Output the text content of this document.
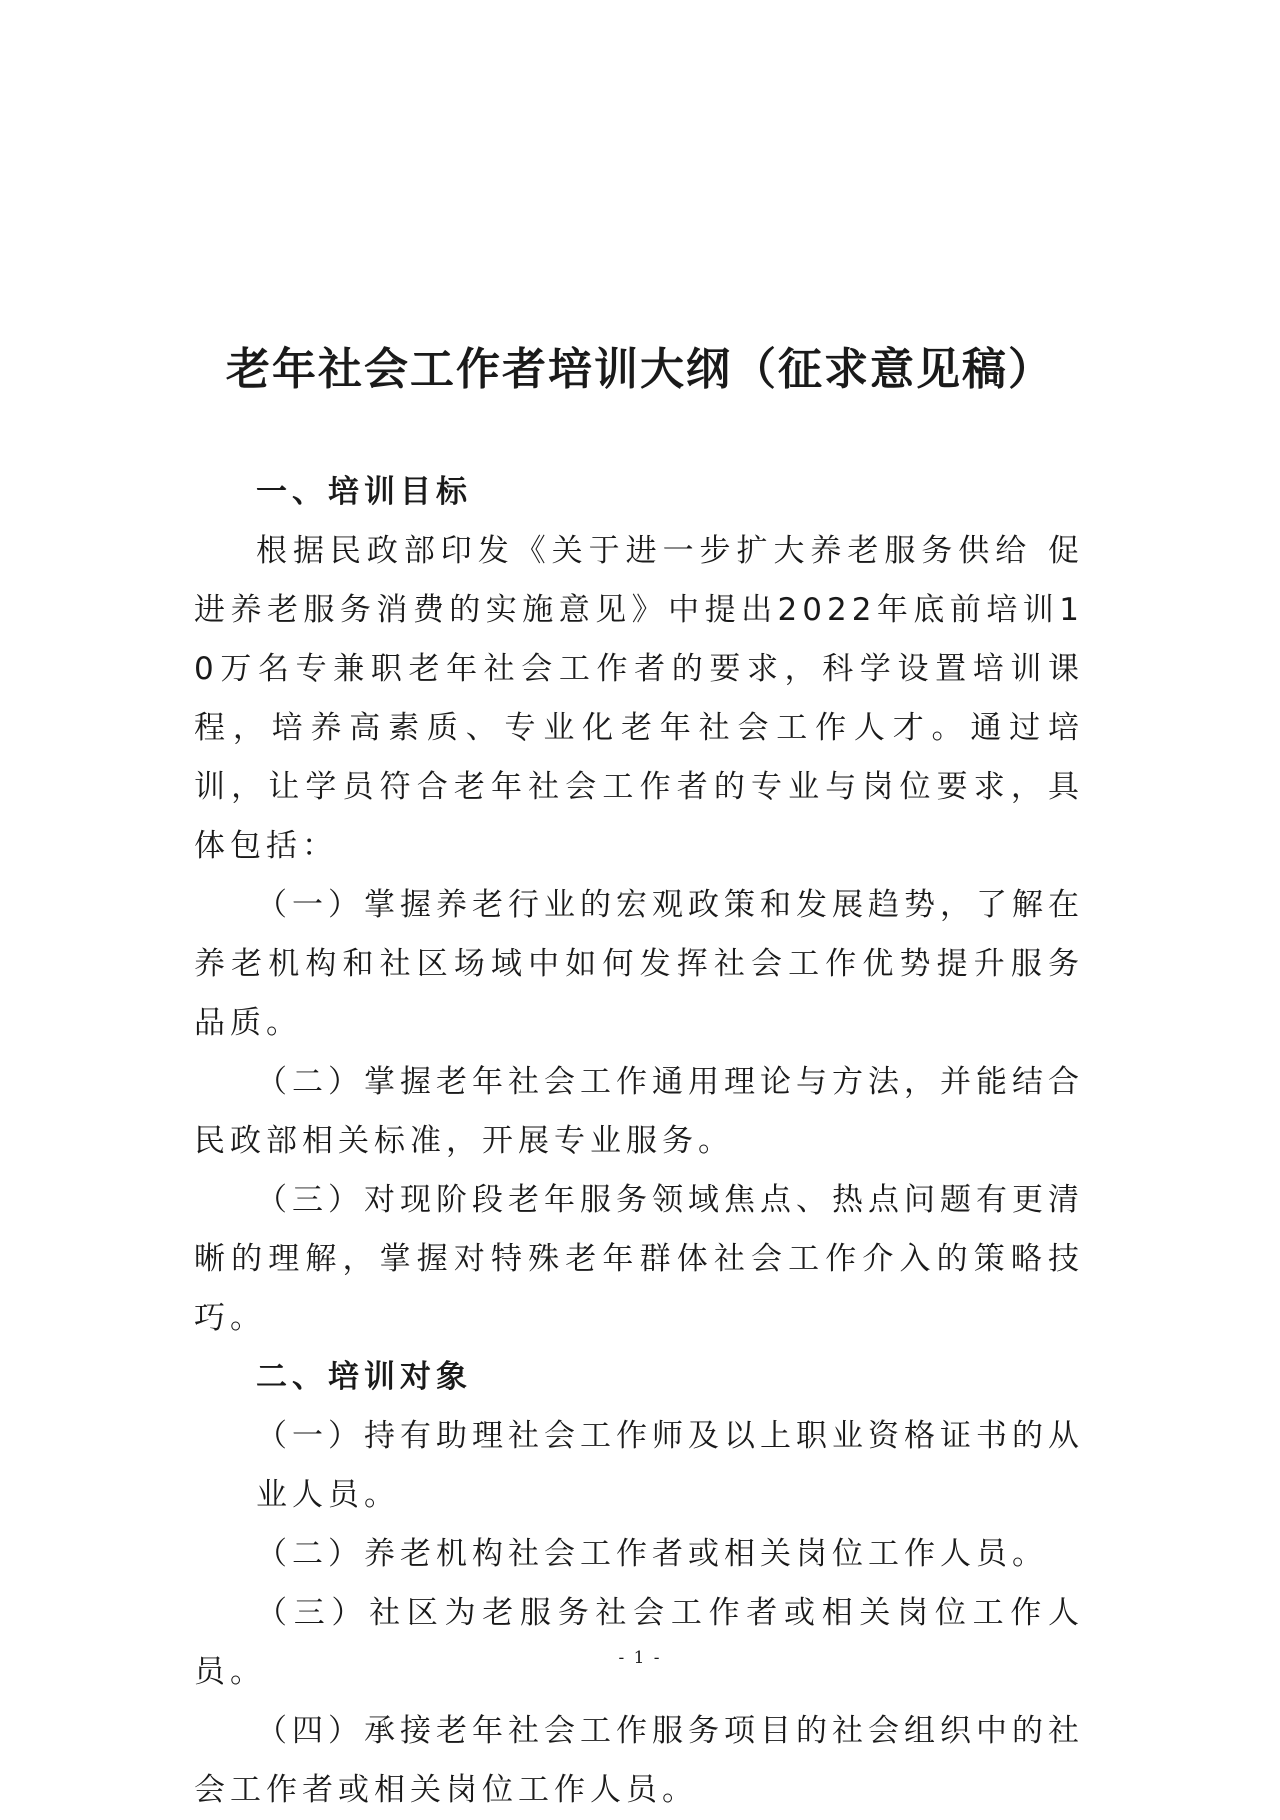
老年社会工作者培训大纲（征求意见稿）

一、培训目标

根据民政部印发《关于进一步扩大养老服务供给 促进养老服务消费的实施意见》中提出2022年底前培训10万名专兼职老年社会工作者的要求，科学设置培训课程，培养高素质、专业化老年社会工作人才。通过培训，让学员符合老年社会工作者的专业与岗位要求，具体包括：

（一）掌握养老行业的宏观政策和发展趋势，了解在养老机构和社区场域中如何发挥社会工作优势提升服务品质。

（二）掌握老年社会工作通用理论与方法，并能结合民政部相关标准，开展专业服务。

（三）对现阶段老年服务领域焦点、热点问题有更清晰的理解，掌握对特殊老年群体社会工作介入的策略技巧。

二、培训对象

（一）持有助理社会工作师及以上职业资格证书的从业人员。

（二）养老机构社会工作者或相关岗位工作人员。

（三）社区为老服务社会工作者或相关岗位工作人员。

（四）承接老年社会工作服务项目的社会组织中的社会工作者或相关岗位工作人员。

- 1 -
